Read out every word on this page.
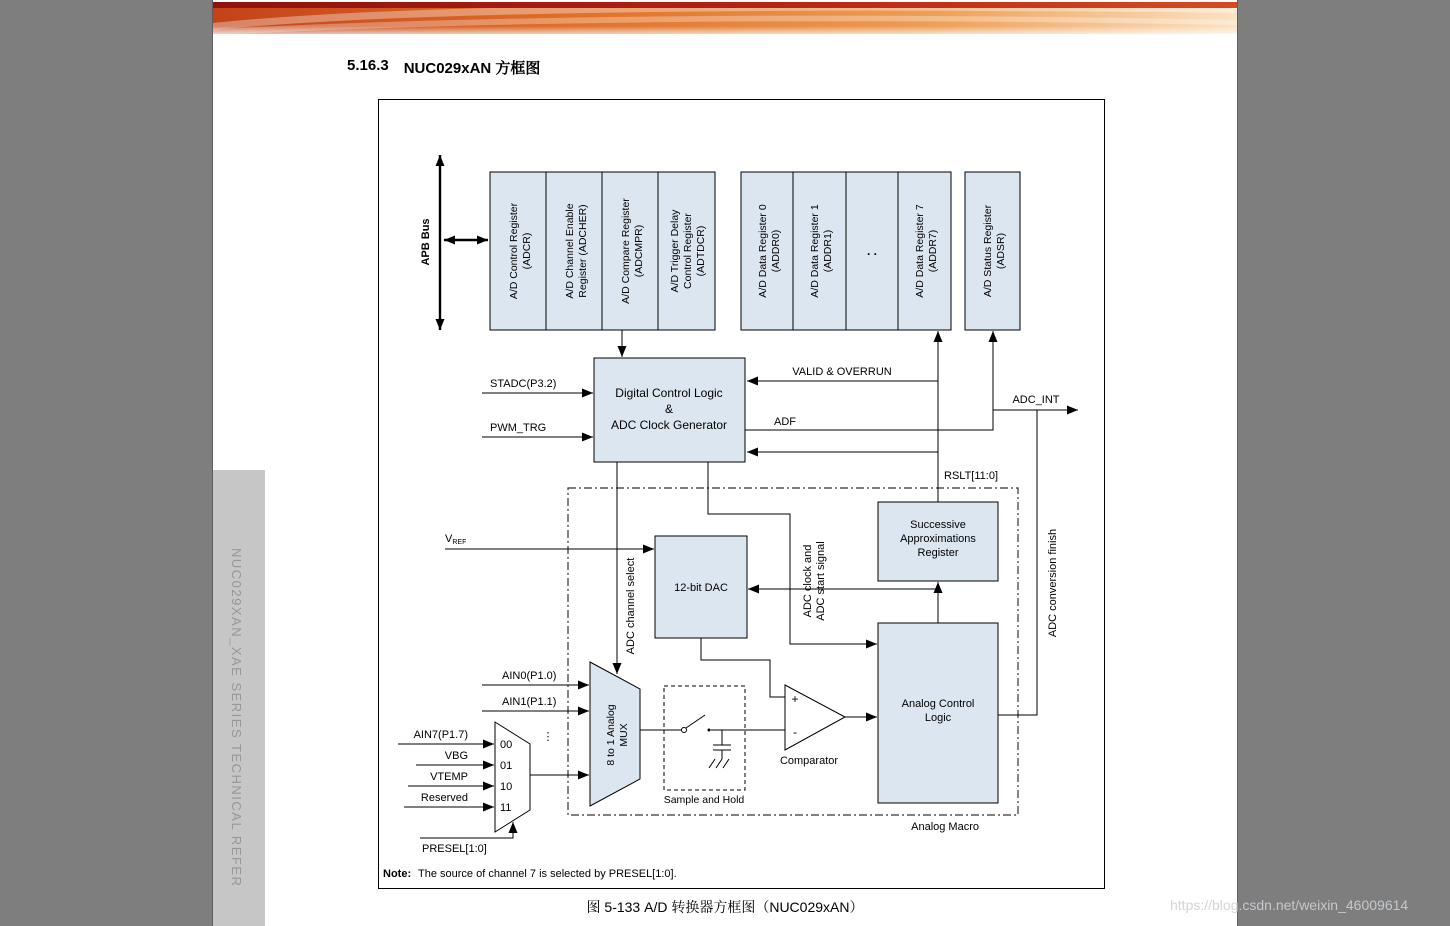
5.16.3 NUC029xAN 方框图
APB Bus	A/D Control Register (ADCR)	A/D Channel Enable Register (ADCHER)	A/D Compare Register (ADCMPR) A/D Trigger Delay Control Register (ADTDCR)	A/D Data Register 0 (ADDR0)	A/D Data Register 1 (ADDR1)	. .	A/D Data Register 7 (ADDR7)	A/D Status Register (ADSR)
Digital Control Logic
&
ADC Clock Generator
Analog Macro
Successive
Approximations
Register
Analog Control
Logic
12-bit DAC
8 to 1 Analog MUX
00
01
10
11
Sample and Hold
+
-
Comparator
STADC(P3.2)
PWM_TRG
VALID & OVERRUN
ADF
ADC_INT
RSLT[11:0]
VREF
ADC channel select	ADC clock and ADC start signal	ADC conversion finish
AIN0(P1.0)
AIN1(P1.1)
⋮
AIN7(P1.7)
VBG
VTEMP
Reserved
PRESEL[1:0]
Note: The source of channel 7 is selected by PRESEL[1:0].
图 5-133 A/D 转换器方框图（NUC029xAN）
NUC029XAN_XAE SERIES TECHNICAL REFER
https://blog.csdn.net/weixin_46009614
